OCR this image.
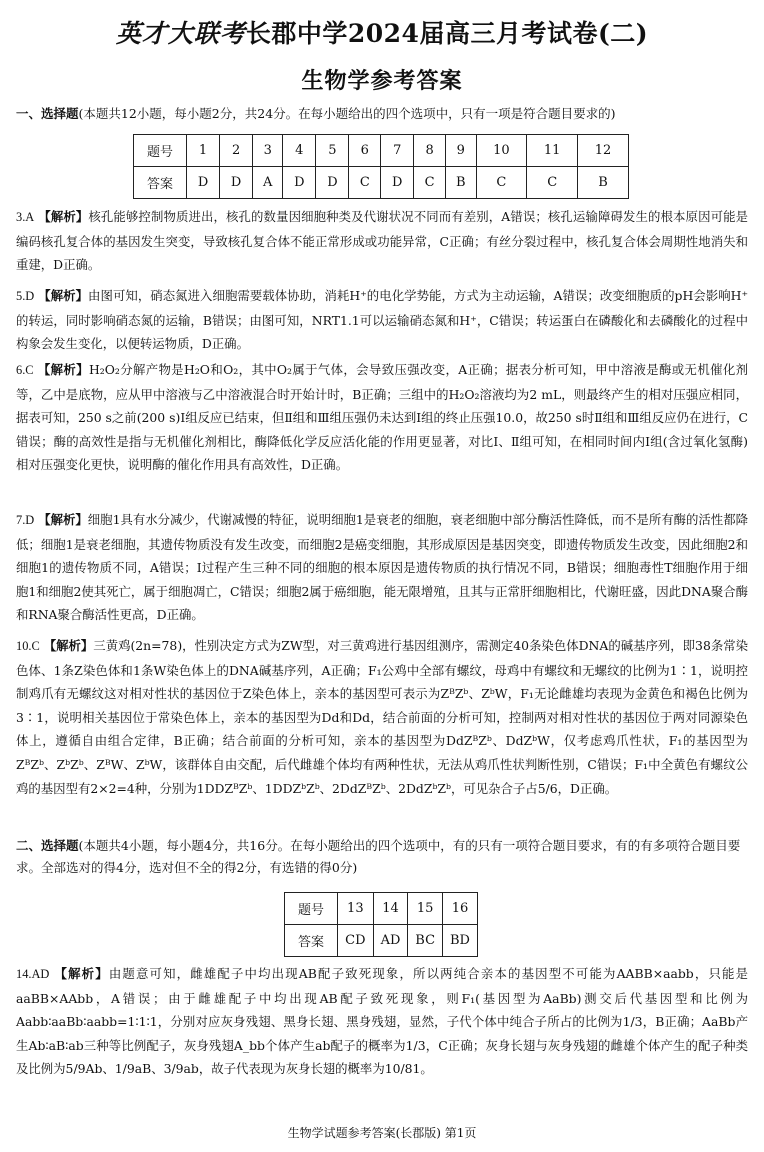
英才大联考长郡中学2024届高三月考试卷(二)
生物学参考答案
一、选择题(本题共12小题，每小题2分，共24分。在每小题给出的四个选项中，只有一项是符合题目要求的)
题号	1	2	3	4	5	6	7	8	9	10	11	12
答案	D	D	A	D	D	C	D	C	B	C	C	B
3.A 【解析】核孔能够控制物质进出，核孔的数量因细胞种类及代谢状况不同而有差别，A错误；核孔运输障碍发生的根本原因可能是编码核孔复合体的基因发生突变，导致核孔复合体不能正常形成或功能异常，C正确；有丝分裂过程中，核孔复合体会周期性地消失和重建，D正确。
5.D 【解析】由图可知，硝态氮进入细胞需要载体协助，消耗H⁺的电化学势能，方式为主动运输，A错误；改变细胞质的pH会影响H⁺的转运，同时影响硝态氮的运输，B错误；由图可知，NRT1.1可以运输硝态氮和H⁺，C错误；转运蛋白在磷酸化和去磷酸化的过程中构象会发生变化，以便转运物质，D正确。
6.C 【解析】H₂O₂分解产物是H₂O和O₂，其中O₂属于气体，会导致压强改变，A正确；据表分析可知，甲中溶液是酶或无机催化剂等，乙中是底物，应从甲中溶液与乙中溶液混合时开始计时，B正确；三组中的H₂O₂溶液均为2 mL，则最终产生的相对压强应相同，据表可知，250 s之前(200 s)Ⅰ组反应已结束，但Ⅱ组和Ⅲ组压强仍未达到Ⅰ组的终止压强10.0，故250 s时Ⅱ组和Ⅲ组反应仍在进行，C错误；酶的高效性是指与无机催化剂相比，酶降低化学反应活化能的作用更显著，对比Ⅰ、Ⅱ组可知，在相同时间内Ⅰ组(含过氧化氢酶)相对压强变化更快，说明酶的催化作用具有高效性，D正确。
7.D 【解析】细胞1具有水分减少，代谢减慢的特征，说明细胞1是衰老的细胞，衰老细胞中部分酶活性降低，而不是所有酶的活性都降低；细胞1是衰老细胞，其遗传物质没有发生改变，而细胞2是癌变细胞，其形成原因是基因突变，即遗传物质发生改变，因此细胞2和细胞1的遗传物质不同，A错误；Ⅰ过程产生三种不同的细胞的根本原因是遗传物质的执行情况不同，B错误；细胞毒性T细胞作用于细胞1和细胞2使其死亡，属于细胞凋亡，C错误；细胞2属于癌细胞，能无限增殖，且其与正常肝细胞相比，代谢旺盛，因此DNA聚合酶和RNA聚合酶活性更高，D正确。
10.C 【解析】三黄鸡(2n=78)，性别决定方式为ZW型，对三黄鸡进行基因组测序，需测定40条染色体DNA的碱基序列，即38条常染色体、1条Z染色体和1条W染色体上的DNA碱基序列，A正确；F₁公鸡中全部有螺纹，母鸡中有螺纹和无螺纹的比例为1∶1，说明控制鸡爪有无螺纹这对相对性状的基因位于Z染色体上，亲本的基因型可表示为ZᴮZᵇ、ZᵇW，F₁无论雌雄均表现为金黄色和褐色比例为3∶1，说明相关基因位于常染色体上，亲本的基因型为Dd和Dd，结合前面的分析可知，控制两对相对性状的基因位于两对同源染色体上，遵循自由组合定律，B正确；结合前面的分析可知，亲本的基因型为DdZᴮZᵇ、DdZᵇW，仅考虑鸡爪性状，F₁的基因型为ZᴮZᵇ、ZᵇZᵇ、ZᴮW、ZᵇW，该群体自由交配，后代雌雄个体均有两种性状，无法从鸡爪性状判断性别，C错误；F₁中全黄色有螺纹公鸡的基因型有2×2=4种，分别为1DDZᴮZᵇ、1DDZᵇZᵇ、2DdZᴮZᵇ、2DdZᵇZᵇ，可见杂合子占5/6，D正确。
二、选择题(本题共4小题，每小题4分，共16分。在每小题给出的四个选项中，有的只有一项符合题目要求，有的有多项符合题目要求。全部选对的得4分，选对但不全的得2分，有选错的得0分)
题号	13	14	15	16
答案	CD	AD	BC	BD
14.AD 【解析】由题意可知，雌雄配子中均出现AB配子致死现象，所以两纯合亲本的基因型不可能为AABB×aabb，只能是aaBB×AAbb，A错误；由于雌雄配子中均出现AB配子致死现象，则F₁(基因型为AaBb)测交后代基因型和比例为Aabb∶aaBb∶aabb=1∶1∶1，分别对应灰身残翅、黑身长翅、黑身残翅，显然，子代个体中纯合子所占的比例为1/3，B正确；AaBb产生Ab∶aB∶ab三种等比例配子，灰身残翅A_bb个体产生ab配子的概率为1/3，C正确；灰身长翅与灰身残翅的雌雄个体产生的配子种类及比例为5/9Ab、1/9aB、3/9ab，故子代表现为灰身长翅的概率为10/81。
生物学试题参考答案(长郡版) 第1页
